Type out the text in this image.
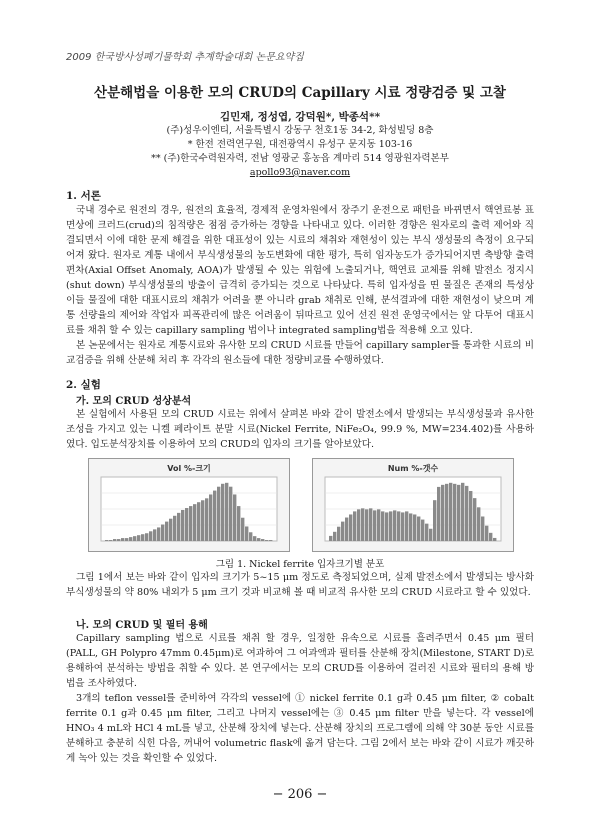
2009 한국방사성폐기물학회 추계학술대회 논문요약집
산분해법을 이용한 모의 CRUD의 Capillary 시료 정량검증 및 고찰
김민재, 정성엽, 강덕원*, 박종석**
(주)성우이엔티, 서울특별시 강동구 천호1동 34-2, 화성빌딩 8층
* 한전 전력연구원, 대전광역시 유성구 문지동 103-16
** (주)한국수력원자력, 전남 영광군 홍농읍 계마리 514 영광원자력본부
apollo93@naver.com
1. 서론

국내 경수로 원전의 경우, 원전의 효율적, 경제적 운영차원에서 장주기 운전으로 패턴을 바뀌면서 핵연료봉 표면상에 크러드(crud)의 침적량은 점점 증가하는 경향을 나타내고 있다. 이러한 경향은 원자로의 출력 제어와 직결되면서 이에 대한 문제 해결을 위한 대표성이 있는 시료의 채취와 재현성이 있는 부식 생성물의 측정이 요구되어져 왔다. 원자로 계통 내에서 부식생성물의 농도변화에 대한 평가, 특히 임자농도가 증가되어지면 축방향 출력편차(Axial Offset Anomaly, AOA)가 발생될 수 있는 위험에 노출되거나, 핵연료 교체를 위해 발전소 정지시(shut down) 부식생성물의 방출이 급격히 증가되는 것으로 나타났다. 특히 입자성을 띤 물질은 존재의 특성상 이들 물질에 대한 대표시료의 채취가 어려울 뿐 아니라 grab 채취로 인해, 분석결과에 대한 재현성이 낮으며 계통 선량율의 제어와 작업자 피폭관리에 많은 어려움이 뒤따르고 있어 선진 원전 운영국에서는 앞 다투어 대표시료를 채취 할 수 있는 capillary sampling 법이나 integrated sampling법을 적용해 오고 있다.

본 논문에서는 원자로 계통시료와 유사한 모의 CRUD 시료를 만들어 capillary sampler를 통과한 시료의 비교검증을 위해 산분해 처리 후 각각의 원소들에 대한 정량비교를 수행하였다.

2. 실험
가. 모의 CRUD 성상분석

본 실험에서 사용된 모의 CRUD 시료는 위에서 살펴본 바와 같이 발전소에서 발생되는 부식생성물과 유사한 조성을 가지고 있는 니켈 페라이트 분말 시료(Nickel Ferrite, NiFe₂O₄, 99.9 %, MW=234.402)를 사용하였다. 입도분석장치를 이용하여 모의 CRUD의 입자의 크기를 알아보았다.

Vol %-크기	Num %-갯수
그림 1. Nickel ferrite 입자크기별 분포

그림 1에서 보는 바와 같이 입자의 크기가 5~15 μm 정도로 측정되었으며, 실제 발전소에서 발생되는 방사화 부식생성물의 약 80% 내외가 5 μm 크기 것과 비교해 볼 때 비교적 유사한 모의 CRUD 시료라고 할 수 있었다.

나. 모의 CRUD 및 필터 용해

Capillary sampling 법으로 시료를 채취 할 경우, 일정한 유속으로 시료를 흘려주면서 0.45 μm 필터(PALL, GH Polypro 47mm 0.45μm)로 여과하여 그 여과액과 필터를 산분해 장치(Milestone, START D)로 용해하여 분석하는 방법을 취할 수 있다. 본 연구에서는 모의 CRUD를 이용하여 걸러진 시료와 필터의 용해 방법을 조사하였다.

3개의 teflon vessel를 준비하여 각각의 vessel에 ① nickel ferrite 0.1 g과 0.45 μm filter, ② cobalt ferrite 0.1 g과 0.45 μm filter, 그리고 나머지 vessel에는 ③ 0.45 μm filter 만을 넣는다. 각 vessel에 HNO₃ 4 mL와 HCl 4 mL를 넣고, 산분해 장치에 넣는다. 산분해 장치의 프로그램에 의해 약 30분 동안 시료를 분해하고 충분히 식힌 다음, 꺼내어 volumetric flask에 옮겨 담는다. 그림 2에서 보는 바와 같이 시료가 깨끗하게 녹아 있는 것을 확인할 수 있었다.

− 206 −
